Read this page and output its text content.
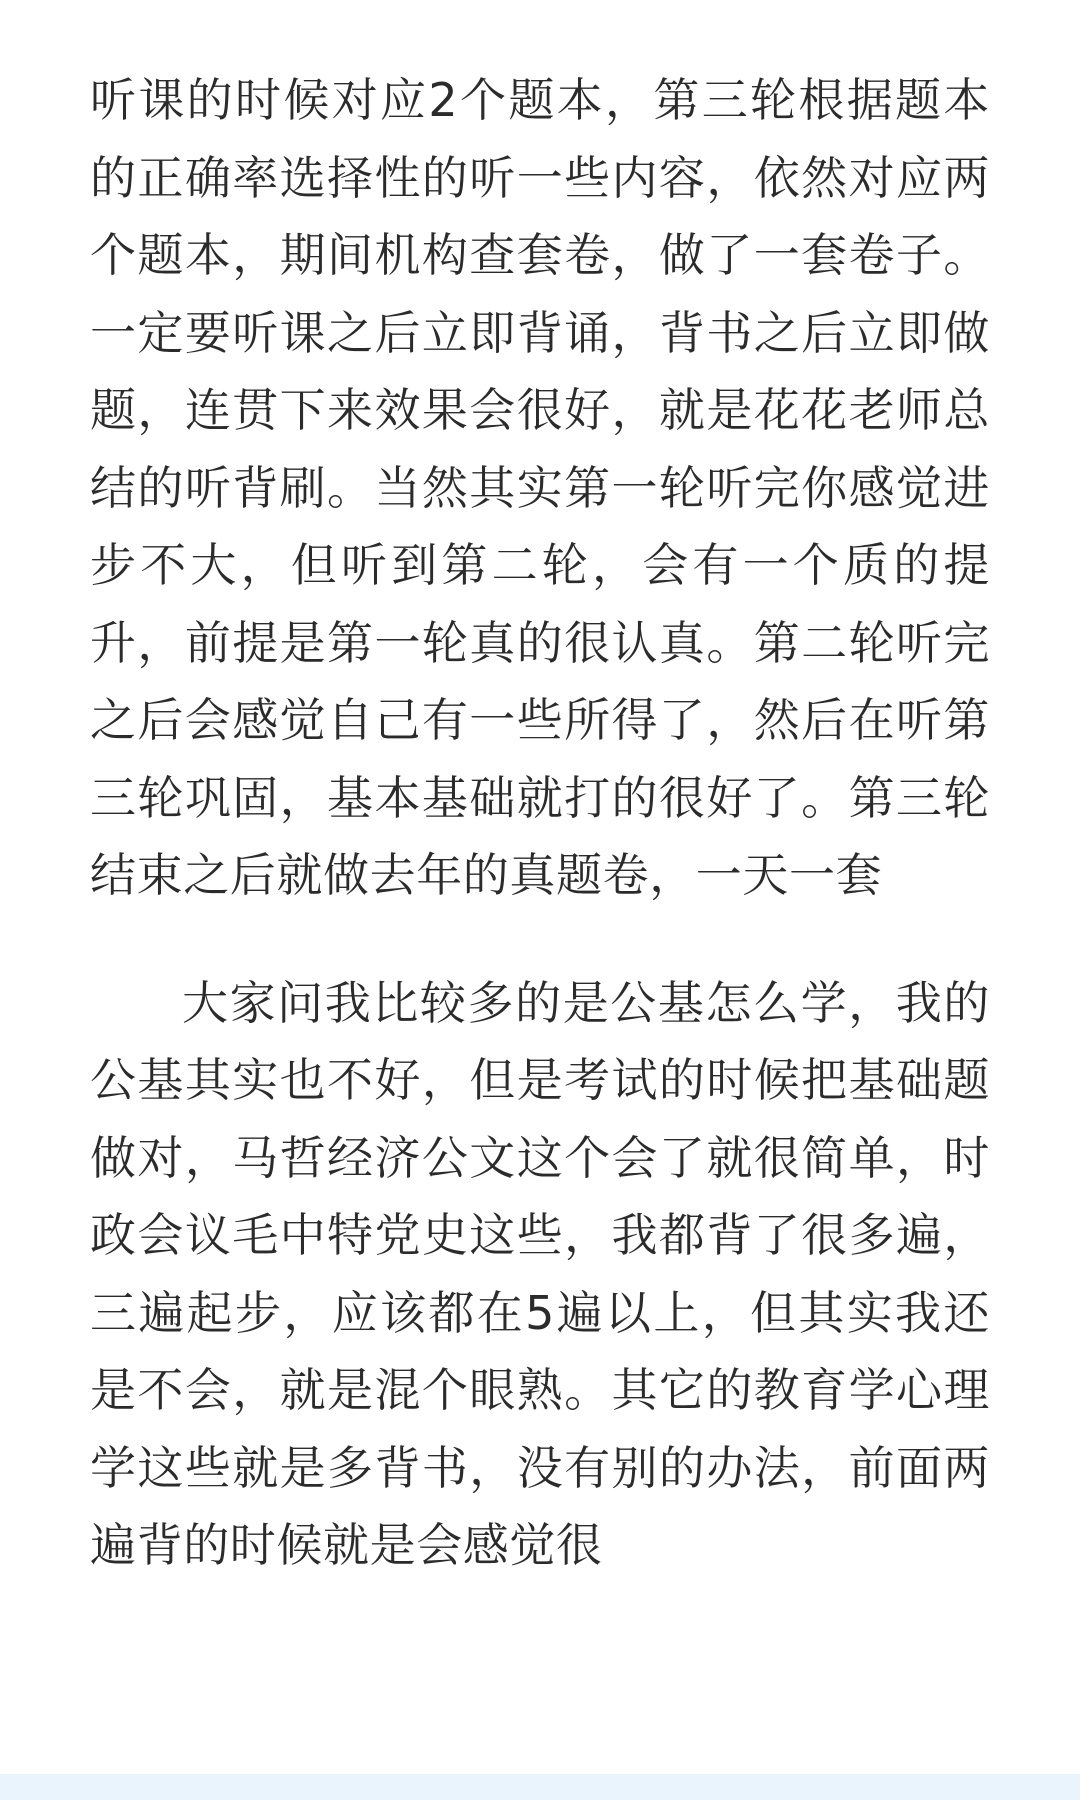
听课的时候对应2个题本，第三轮根据题本的正确率选择性的听一些内容，依然对应两个题本，期间机构查套卷，做了一套卷子。一定要听课之后立即背诵，背书之后立即做题，连贯下来效果会很好，就是花花老师总结的听背刷。当然其实第一轮听完你感觉进步不大，但听到第二轮，会有一个质的提升，前提是第一轮真的很认真。第二轮听完之后会感觉自己有一些所得了，然后在听第三轮巩固，基本基础就打的很好了。第三轮结束之后就做去年的真题卷，一天一套

大家问我比较多的是公基怎么学，我的公基其实也不好，但是考试的时候把基础题做对，马哲经济公文这个会了就很简单，时政会议毛中特党史这些，我都背了很多遍，三遍起步，应该都在5遍以上，但其实我还是不会，就是混个眼熟。其它的教育学心理学这些就是多背书，没有别的办法，前面两遍背的时候就是会感觉很
